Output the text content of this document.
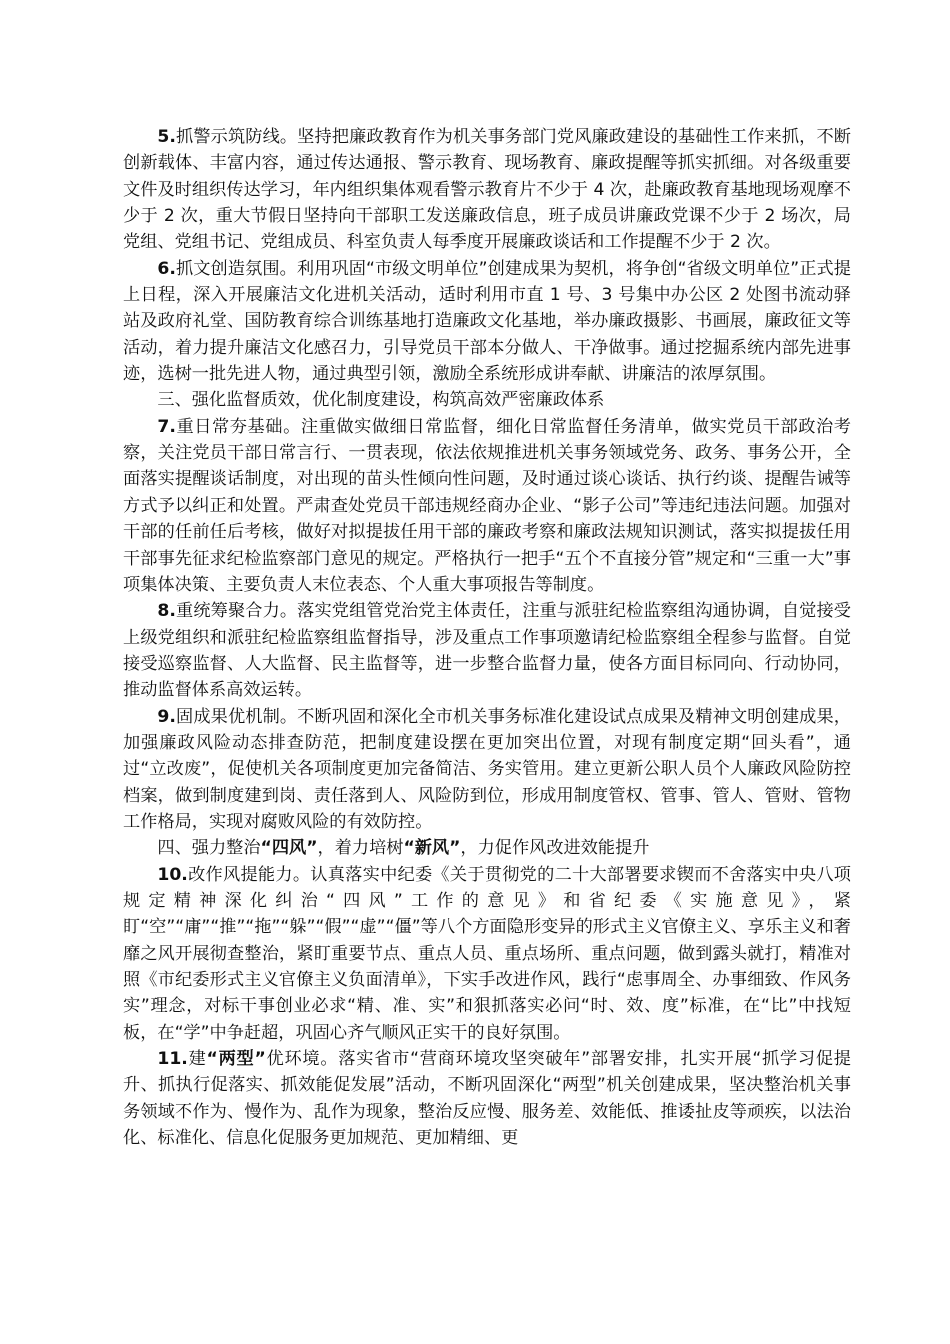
5.抓警示筑防线。坚持把廉政教育作为机关事务部门党风廉政建设的基础性工作来抓，不断创新载体、丰富内容，通过传达通报、警示教育、现场教育、廉政提醒等抓实抓细。对各级重要文件及时组织传达学习，年内组织集体观看警示教育片不少于 4 次，赴廉政教育基地现场观摩不少于 2 次，重大节假日坚持向干部职工发送廉政信息，班子成员讲廉政党课不少于 2 场次，局党组、党组书记、党组成员、科室负责人每季度开展廉政谈话和工作提醒不少于 2 次。

6.抓文创造氛围。利用巩固“市级文明单位”创建成果为契机，将争创“省级文明单位”正式提上日程，深入开展廉洁文化进机关活动，适时利用市直 1 号、3 号集中办公区 2 处图书流动驿站及政府礼堂、国防教育综合训练基地打造廉政文化基地，举办廉政摄影、书画展，廉政征文等活动，着力提升廉洁文化感召力，引导党员干部本分做人、干净做事。通过挖掘系统内部先进事迹，选树一批先进人物，通过典型引领，激励全系统形成讲奉献、讲廉洁的浓厚氛围。

三、强化监督质效，优化制度建设，构筑高效严密廉政体系

7.重日常夯基础。注重做实做细日常监督，细化日常监督任务清单，做实党员干部政治考察，关注党员干部日常言行、一贯表现，依法依规推进机关事务领域党务、政务、事务公开，全面落实提醒谈话制度，对出现的苗头性倾向性问题，及时通过谈心谈话、执行约谈、提醒告诫等方式予以纠正和处置。严肃查处党员干部违规经商办企业、“影子公司”等违纪违法问题。加强对干部的任前任后考核，做好对拟提拔任用干部的廉政考察和廉政法规知识测试，落实拟提拔任用干部事先征求纪检监察部门意见的规定。严格执行一把手“五个不直接分管”规定和“三重一大”事项集体决策、主要负责人末位表态、个人重大事项报告等制度。

8.重统筹聚合力。落实党组管党治党主体责任，注重与派驻纪检监察组沟通协调，自觉接受上级党组织和派驻纪检监察组监督指导，涉及重点工作事项邀请纪检监察组全程参与监督。自觉接受巡察监督、人大监督、民主监督等，进一步整合监督力量，使各方面目标同向、行动协同，推动监督体系高效运转。

9.固成果优机制。不断巩固和深化全市机关事务标准化建设试点成果及精神文明创建成果，加强廉政风险动态排查防范，把制度建设摆在更加突出位置，对现有制度定期“回头看”，通过“立改废”，促使机关各项制度更加完备简洁、务实管用。建立更新公职人员个人廉政风险防控档案，做到制度建到岗、责任落到人、风险防到位，形成用制度管权、管事、管人、管财、管物工作格局，实现对腐败风险的有效防控。

四、强力整治“四风”，着力培树“新风”，力促作风改进效能提升

10.改作风提能力。认真落实中纪委《关于贯彻党的二十大部署要求锲而不舍落实中央八项规定精神深化纠治“四风”工作的意见》和省纪委《实施意见》，紧盯“空”“庸”“推”“拖”“躲”“假”“虚”“僵”等八个方面隐形变异的形式主义官僚主义、享乐主义和奢靡之风开展彻查整治，紧盯重要节点、重点人员、重点场所、重点问题，做到露头就打，精准对照《市纪委形式主义官僚主义负面清单》，下实手改进作风，践行“虑事周全、办事细致、作风务实”理念，对标干事创业必求“精、准、实”和狠抓落实必问“时、效、度”标准，在“比”中找短板，在“学”中争赶超，巩固心齐气顺风正实干的良好氛围。

11.建“两型”优环境。落实省市“营商环境攻坚突破年”部署安排，扎实开展“抓学习促提升、抓执行促落实、抓效能促发展”活动，不断巩固深化“两型”机关创建成果，坚决整治机关事务领域不作为、慢作为、乱作为现象，整治反应慢、服务差、效能低、推诿扯皮等顽疾，以法治化、标准化、信息化促服务更加规范、更加精细、更
